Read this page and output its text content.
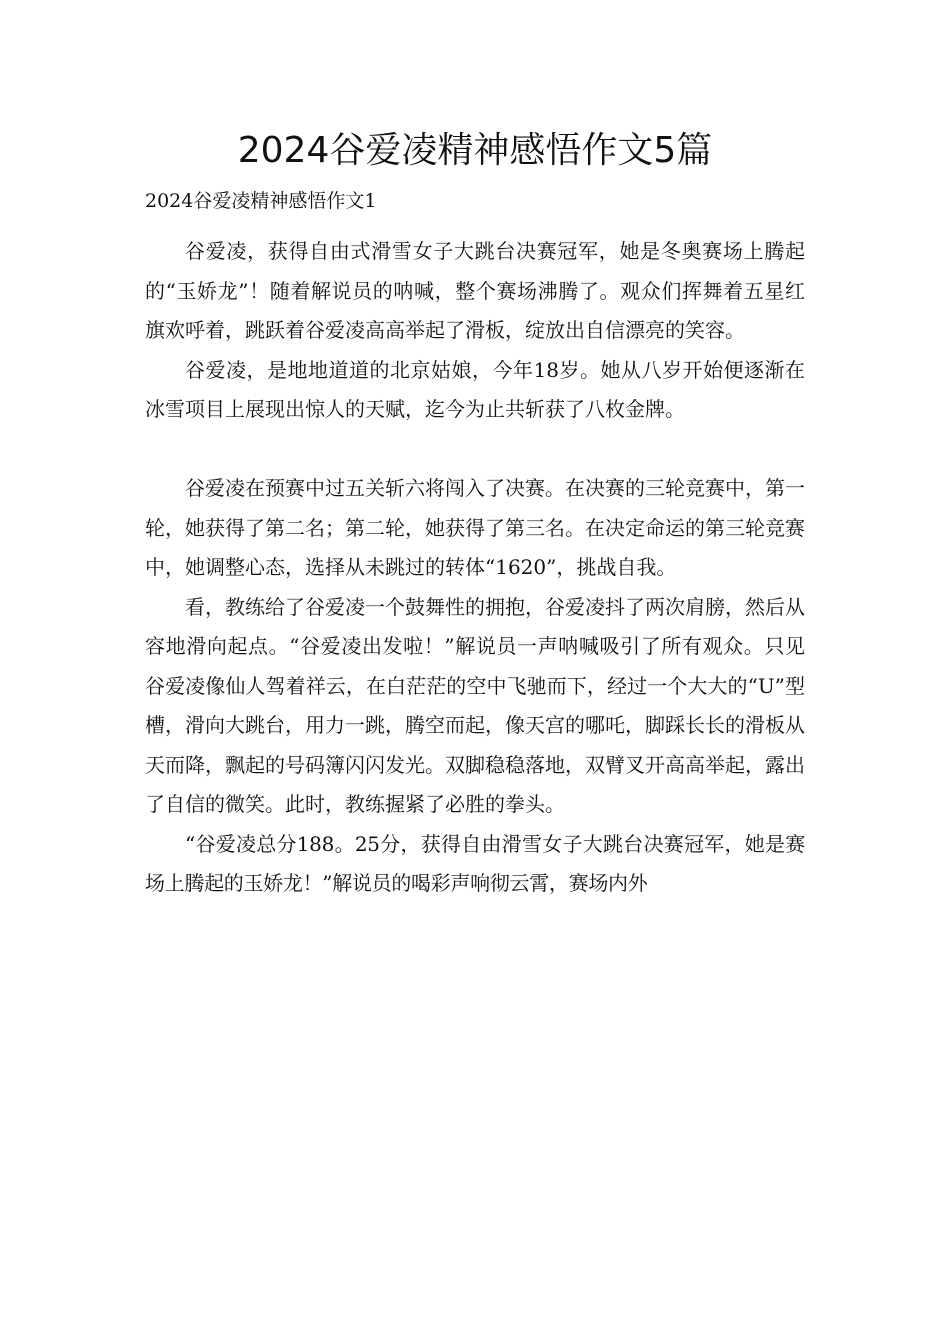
2024谷爱凌精神感悟作文5篇
2024谷爱凌精神感悟作文1

谷爱凌，获得自由式滑雪女子大跳台决赛冠军，她是冬奥赛场上腾起的“玉娇龙”！随着解说员的呐喊，整个赛场沸腾了。观众们挥舞着五星红旗欢呼着，跳跃着谷爱凌高高举起了滑板，绽放出自信漂亮的笑容。

谷爱凌，是地地道道的北京姑娘，今年18岁。她从八岁开始便逐渐在冰雪项目上展现出惊人的天赋，迄今为止共斩获了八枚金牌。

谷爱凌在预赛中过五关斩六将闯入了决赛。在决赛的三轮竞赛中，第一轮，她获得了第二名；第二轮，她获得了第三名。在决定命运的第三轮竞赛中，她调整心态，选择从未跳过的转体“1620”，挑战自我。

看，教练给了谷爱凌一个鼓舞性的拥抱，谷爱凌抖了两次肩膀，然后从容地滑向起点。“谷爱凌出发啦！”解说员一声呐喊吸引了所有观众。只见谷爱凌像仙人驾着祥云，在白茫茫的空中飞驰而下，经过一个大大的“U”型槽，滑向大跳台，用力一跳，腾空而起，像天宫的哪吒，脚踩长长的滑板从天而降，飘起的号码簿闪闪发光。双脚稳稳落地，双臂叉开高高举起，露出了自信的微笑。此时，教练握紧了必胜的拳头。

“谷爱凌总分188。25分，获得自由滑雪女子大跳台决赛冠军，她是赛场上腾起的玉娇龙！”解说员的喝彩声响彻云霄，赛场内外
